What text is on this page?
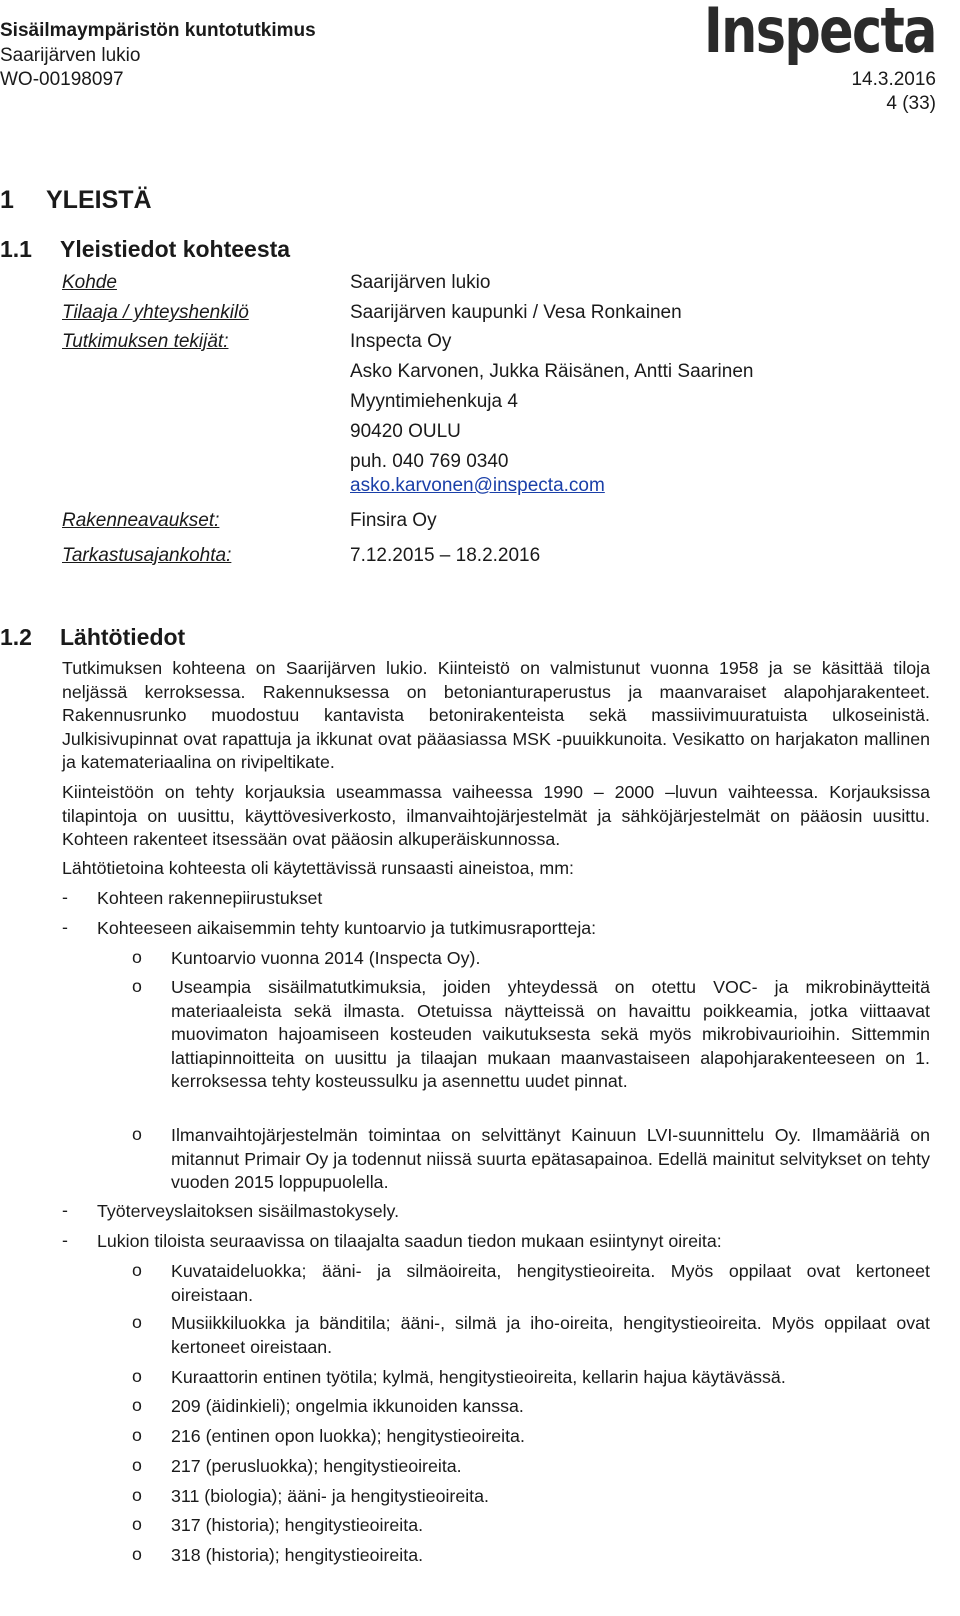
Sisäilmaympäristön kuntotutkimus
Saarijärven lukio
WO-00198097	14.3.2016
4 (33)
Inspecta
1 YLEISTÄ
1.1 Yleistiedot kohteesta
Kohde	Saarijärven lukio
Tilaaja / yhteyshenkilö	Saarijärven kaupunki / Vesa Ronkainen
Tutkimuksen tekijät:	Inspecta Oy
Asko Karvonen, Jukka Räisänen, Antti Saarinen
Myyntimiehenkuja 4
90420 OULU
puh. 040 769 0340
asko.karvonen@inspecta.com
Rakenneavaukset:	Finsira Oy
Tarkastusajankohta:	7.12.2015 – 18.2.2016
1.2 Lähtötiedot

Tutkimuksen kohteena on Saarijärven lukio. Kiinteistö on valmistunut vuonna 1958 ja se käsittää tiloja neljässä kerroksessa. Rakennuksessa on betonianturaperustus ja maanvaraiset alapohjarakenteet. Rakennusrunko muodostuu kantavista betonirakenteista sekä massiivimuuratuista ulkoseinistä. Julkisivupinnat ovat rapattuja ja ikkunat ovat pääasiassa MSK -puuikkunoita. Vesikatto on harjakaton mallinen ja katemateriaalina on rivipeltikate.

Kiinteistöön on tehty korjauksia useammassa vaiheessa 1990 – 2000 –luvun vaihteessa. Korjauksissa tilapintoja on uusittu, käyttövesiverkosto, ilmanvaihtojärjestelmät ja sähköjärjestelmät on pääosin uusittu. Kohteen rakenteet itsessään ovat pääosin alkuperäiskunnossa.

Lähtötietoina kohteesta oli käytettävissä runsaasti aineistoa, mm:

- Kohteen rakennepiirustukset
- Kohteeseen aikaisemmin tehty kuntoarvio ja tutkimusraportteja:
o Kuntoarvio vuonna 2014 (Inspecta Oy).
o Useampia sisäilmatutkimuksia, joiden yhteydessä on otettu VOC- ja mikrobinäytteitä materiaaleista sekä ilmasta. Otetuissa näytteissä on havaittu poikkeamia, jotka viittaavat muovimaton hajoamiseen kosteuden vaikutuksesta sekä myös mikrobivaurioihin. Sittemmin lattiapinnoitteita on uusittu ja tilaajan mukaan maanvastaiseen alapohjarakenteeseen on 1. kerroksessa tehty kosteussulku ja asennettu uudet pinnat.
o Ilmanvaihtojärjestelmän toimintaa on selvittänyt Kainuun LVI-suunnittelu Oy. Ilmamääriä on mitannut Primair Oy ja todennut niissä suurta epätasapainoa. Edellä mainitut selvitykset on tehty vuoden 2015 loppupuolella.
- Työterveyslaitoksen sisäilmastokysely.
- Lukion tiloista seuraavissa on tilaajalta saadun tiedon mukaan esiintynyt oireita:
o Kuvataideluokka; ääni- ja silmäoireita, hengitystieoireita. Myös oppilaat ovat kertoneet oireistaan.
o Musiikkiluokka ja bänditila; ääni-, silmä ja iho-oireita, hengitystieoireita. Myös oppilaat ovat kertoneet oireistaan.
o Kuraattorin entinen työtila; kylmä, hengitystieoireita, kellarin hajua käytävässä.
o 209 (äidinkieli); ongelmia ikkunoiden kanssa.
o 216 (entinen opon luokka); hengitystieoireita.
o 217 (perusluokka); hengitystieoireita.
o 311 (biologia); ääni- ja hengitystieoireita.
o 317 (historia); hengitystieoireita.
o 318 (historia); hengitystieoireita.
